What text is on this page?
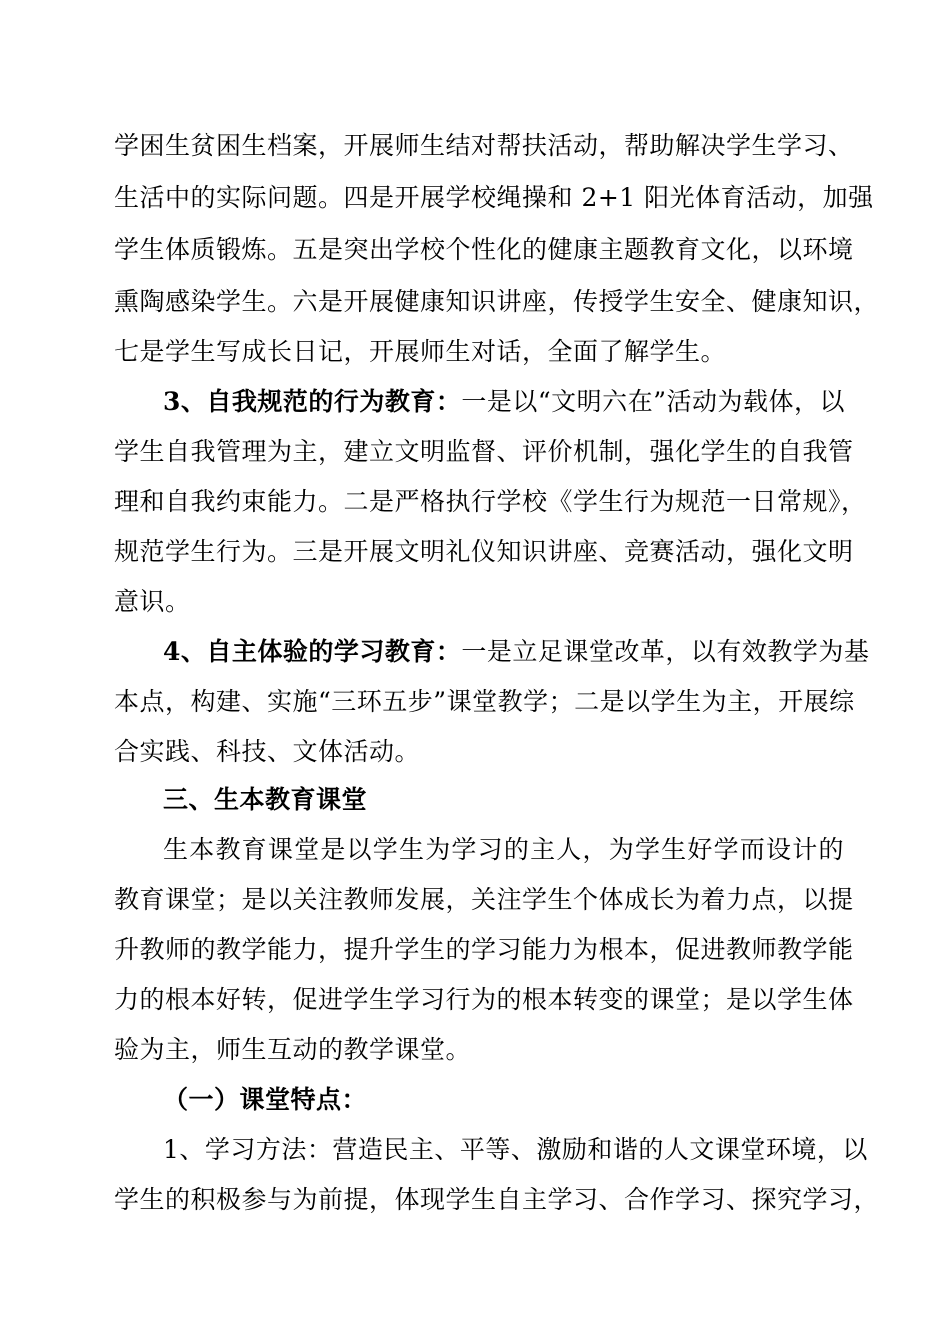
学困生贫困生档案，开展师生结对帮扶活动，帮助解决学生学习、
生活中的实际问题。四是开展学校绳操和 2+1 阳光体育活动，加强
学生体质锻炼。五是突出学校个性化的健康主题教育文化，以环境
熏陶感染学生。六是开展健康知识讲座，传授学生安全、健康知识，
七是学生写成长日记，开展师生对话，全面了解学生。
3、自我规范的行为教育：一是以“文明六在”活动为载体，以
学生自我管理为主，建立文明监督、评价机制，强化学生的自我管
理和自我约束能力。二是严格执行学校《学生行为规范一日常规》，
规范学生行为。三是开展文明礼仪知识讲座、竞赛活动，强化文明
意识。
4、自主体验的学习教育：一是立足课堂改革，以有效教学为基
本点，构建、实施“三环五步”课堂教学；二是以学生为主，开展综
合实践、科技、文体活动。
三、生本教育课堂
生本教育课堂是以学生为学习的主人，为学生好学而设计的
教育课堂；是以关注教师发展，关注学生个体成长为着力点，以提
升教师的教学能力，提升学生的学习能力为根本，促进教师教学能
力的根本好转，促进学生学习行为的根本转变的课堂；是以学生体
验为主，师生互动的教学课堂。
（一）课堂特点：
1、学习方法：营造民主、平等、激励和谐的人文课堂环境，以
学生的积极参与为前提，体现学生自主学习、合作学习、探究学习，
